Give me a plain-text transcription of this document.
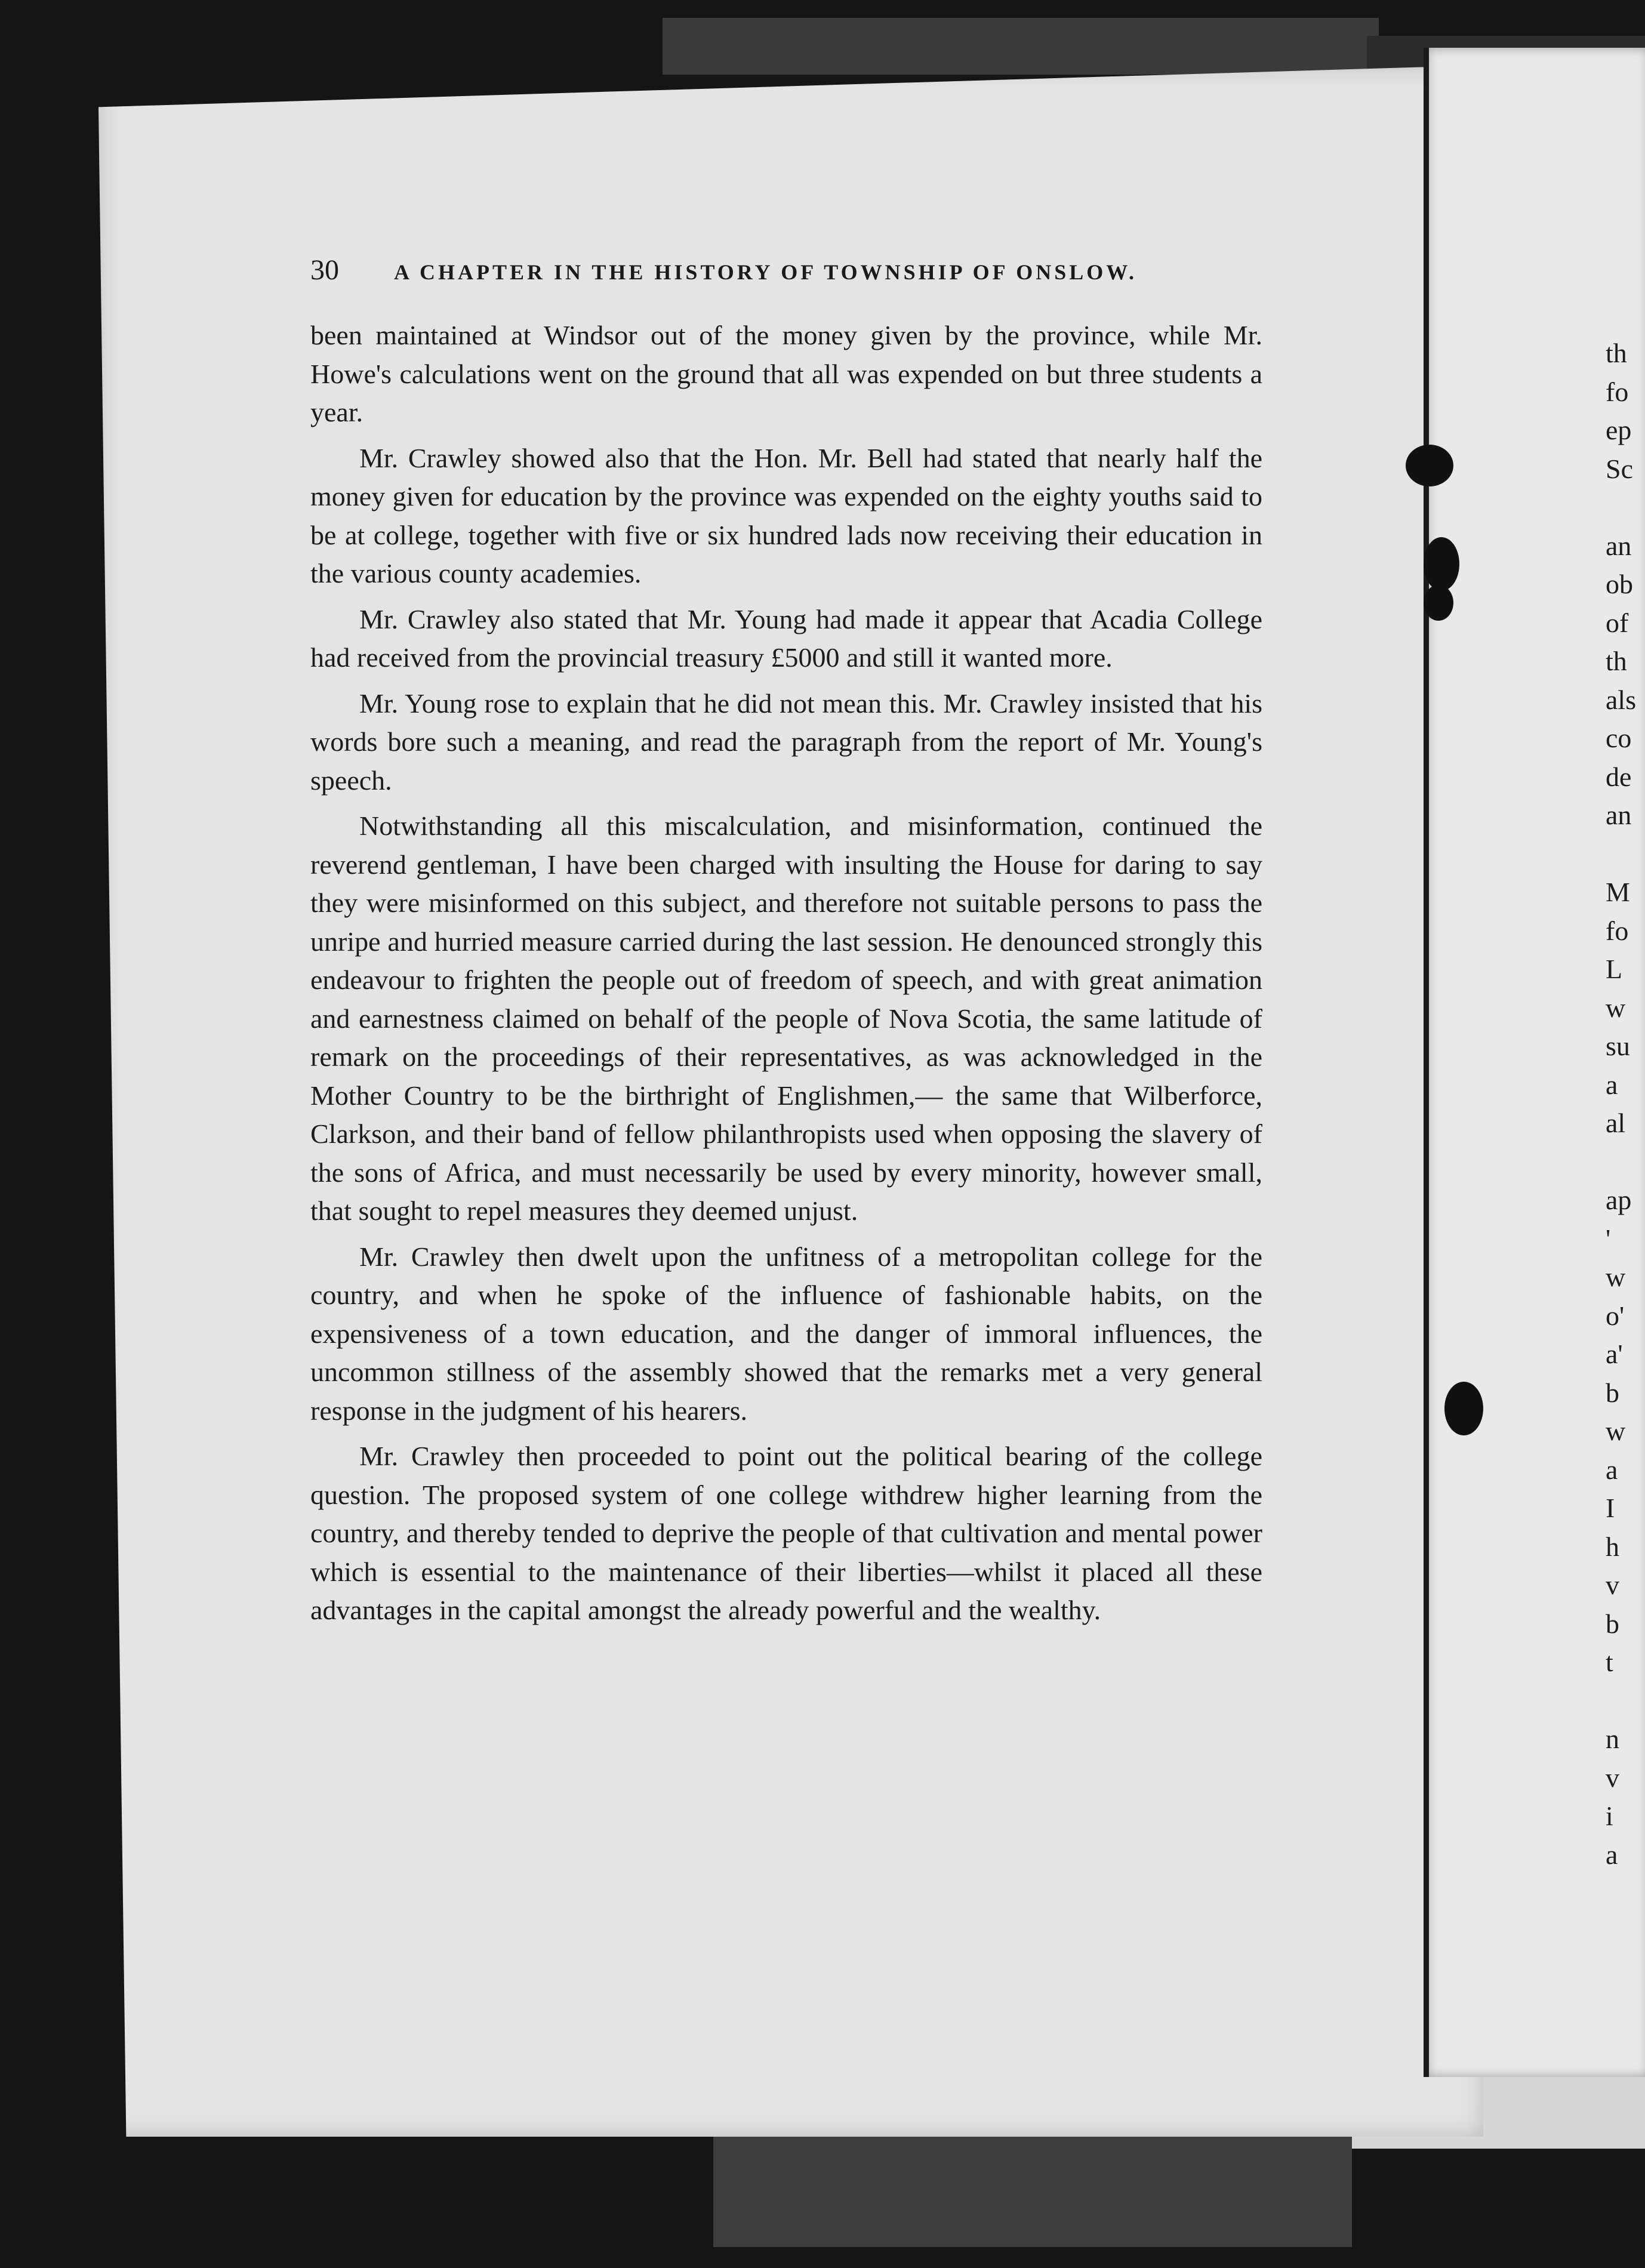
30	A CHAPTER IN THE HISTORY OF TOWNSHIP OF ONSLOW.

been maintained at Windsor out of the money given by the province, while Mr. Howe's calculations went on the ground that all was expended on but three students a year.

Mr. Crawley showed also that the Hon. Mr. Bell had stated that nearly half the money given for education by the province was expended on the eighty youths said to be at college, together with five or six hundred lads now receiving their education in the various county academies.

Mr. Crawley also stated that Mr. Young had made it appear that Acadia College had received from the provincial treasury £5000 and still it wanted more.

Mr. Young rose to explain that he did not mean this. Mr. Crawley insisted that his words bore such a meaning, and read the paragraph from the report of Mr. Young's speech.

Notwithstanding all this miscalculation, and misinformation, continued the reverend gentleman, I have been charged with insulting the House for daring to say they were misinformed on this subject, and therefore not suitable persons to pass the unripe and hurried measure carried during the last session. He denounced strongly this endeavour to frighten the people out of freedom of speech, and with great animation and earnestness claimed on behalf of the people of Nova Scotia, the same latitude of remark on the proceedings of their representatives, as was acknowledged in the Mother Country to be the birthright of Englishmen,— the same that Wilberforce, Clarkson, and their band of fellow philanthropists used when opposing the slavery of the sons of Africa, and must necessarily be used by every minority, however small, that sought to repel measures they deemed unjust.

Mr. Crawley then dwelt upon the unfitness of a metropolitan college for the country, and when he spoke of the influence of fashionable habits, on the expensiveness of a town education, and the danger of immoral influences, the uncommon stillness of the assembly showed that the remarks met a very general response in the judgment of his hearers.

Mr. Crawley then proceeded to point out the political bearing of the college question. The proposed system of one college withdrew higher learning from the country, and thereby tended to deprive the people of that cultivation and mental power which is essential to the maintenance of their liberties—whilst it placed all these advantages in the capital amongst the already powerful and the wealthy.

th
fo
ep
Sc
an
ob
of
th
als
co
de
an
M
fo
L
w
su
a
al
ap
'
w
o'
a'
b
w
a
I
h
v
b
t
n
v
i
a
